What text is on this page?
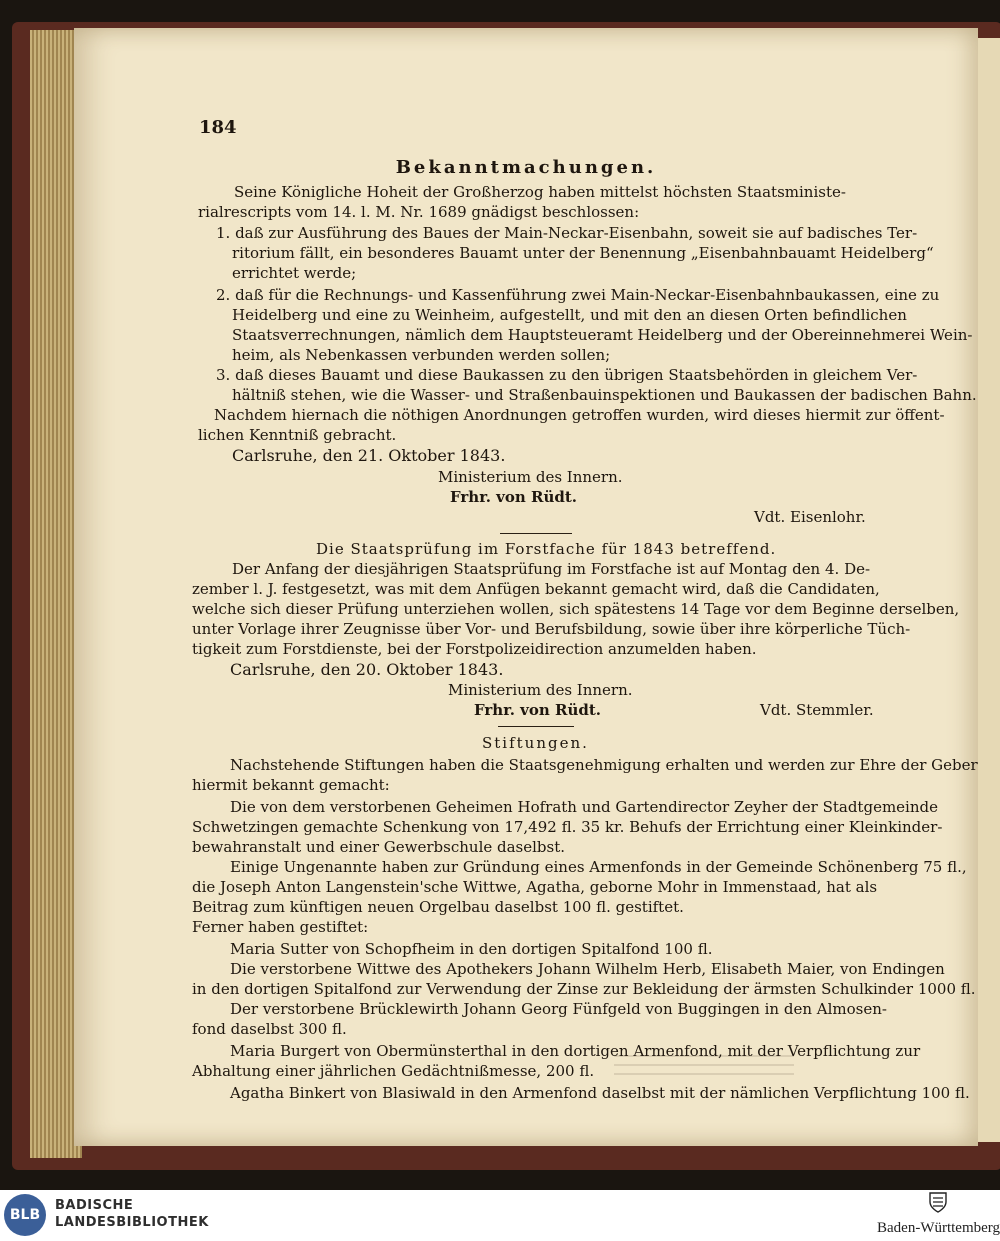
184
Bekanntmachungen.
Seine Königliche Hoheit der Großherzog haben mittelst höchsten Staatsministe-
rialrescripts vom 14. l. M. Nr. 1689 gnädigst beschlossen:
1. daß zur Ausführung des Baues der Main-Neckar-Eisenbahn, soweit sie auf badisches Ter-
ritorium fällt, ein besonderes Bauamt unter der Benennung „Eisenbahnbauamt Heidelberg“
errichtet werde;
2. daß für die Rechnungs- und Kassenführung zwei Main-Neckar-Eisenbahnbaukassen, eine zu
Heidelberg und eine zu Weinheim, aufgestellt, und mit den an diesen Orten befindlichen
Staatsverrechnungen, nämlich dem Hauptsteueramt Heidelberg und der Obereinnehmerei Wein-
heim, als Nebenkassen verbunden werden sollen;
3. daß dieses Bauamt und diese Baukassen zu den übrigen Staatsbehörden in gleichem Ver-
hältniß stehen, wie die Wasser- und Straßenbauinspektionen und Baukassen der badischen Bahn.
Nachdem hiernach die nöthigen Anordnungen getroffen wurden, wird dieses hiermit zur öffent-
lichen Kenntniß gebracht.
Carlsruhe, den 21. Oktober 1843.
Ministerium des Innern.
Frhr. von Rüdt.
Vdt. Eisenlohr.
Die Staatsprüfung im Forstfache für 1843 betreffend.
Der Anfang der diesjährigen Staatsprüfung im Forstfache ist auf Montag den 4. De-
zember l. J. festgesetzt, was mit dem Anfügen bekannt gemacht wird, daß die Candidaten,
welche sich dieser Prüfung unterziehen wollen, sich spätestens 14 Tage vor dem Beginne derselben,
unter Vorlage ihrer Zeugnisse über Vor- und Berufsbildung, sowie über ihre körperliche Tüch-
tigkeit zum Forstdienste, bei der Forstpolizeidirection anzumelden haben.
Carlsruhe, den 20. Oktober 1843.
Ministerium des Innern.
Frhr. von Rüdt.	Vdt. Stemmler.
Stiftungen.
Nachstehende Stiftungen haben die Staatsgenehmigung erhalten und werden zur Ehre der Geber
hiermit bekannt gemacht:
Die von dem verstorbenen Geheimen Hofrath und Gartendirector Zeyher der Stadtgemeinde
Schwetzingen gemachte Schenkung von 17,492 fl. 35 kr. Behufs der Errichtung einer Kleinkinder-
bewahranstalt und einer Gewerbschule daselbst.
Einige Ungenannte haben zur Gründung eines Armenfonds in der Gemeinde Schönenberg 75 fl.,
die Joseph Anton Langenstein'sche Wittwe, Agatha, geborne Mohr in Immenstaad, hat als
Beitrag zum künftigen neuen Orgelbau daselbst 100 fl. gestiftet.
Ferner haben gestiftet:
Maria Sutter von Schopfheim in den dortigen Spitalfond 100 fl.
Die verstorbene Wittwe des Apothekers Johann Wilhelm Herb, Elisabeth Maier, von Endingen
in den dortigen Spitalfond zur Verwendung der Zinse zur Bekleidung der ärmsten Schulkinder 1000 fl.
Der verstorbene Brücklewirth Johann Georg Fünfgeld von Buggingen in den Almosen-
fond daselbst 300 fl.
Maria Burgert von Obermünsterthal in den dortigen Armenfond, mit der Verpflichtung zur
Abhaltung einer jährlichen Gedächtnißmesse, 200 fl.
Agatha Binkert von Blasiwald in den Armenfond daselbst mit der nämlichen Verpflichtung 100 fl.
BLB
BADISCHE
LANDESBIBLIOTHEK	Baden-Württemberg
